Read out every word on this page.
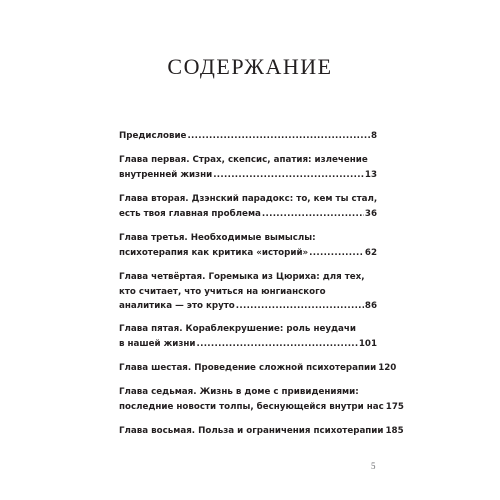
СОДЕРЖАНИЕ
Предисловие .....	8
Глава первая. Страх, скепсис, апатия: излечение
внутренней жизни .....	13
Глава вторая. Дзэнский парадокс: то, кем ты стал,
есть твоя главная проблема .....	36
Глава третья. Необходимые вымыслы:
психотерапия как критика «историй» .....	62
Глава четвёртая. Горемыка из Цюриха: для тех,
кто считает, что учиться на юнгианского
аналитика — это круто .....	86
Глава пятая. Кораблекрушение: роль неудачи
в нашей жизни .....	101
Глава шестая. Проведение сложной психотерапии 120
Глава седьмая. Жизнь в доме с привидениями:
последние новости толпы, беснующейся внутри нас 175
Глава восьмая. Польза и ограничения психотерапии 185
5
